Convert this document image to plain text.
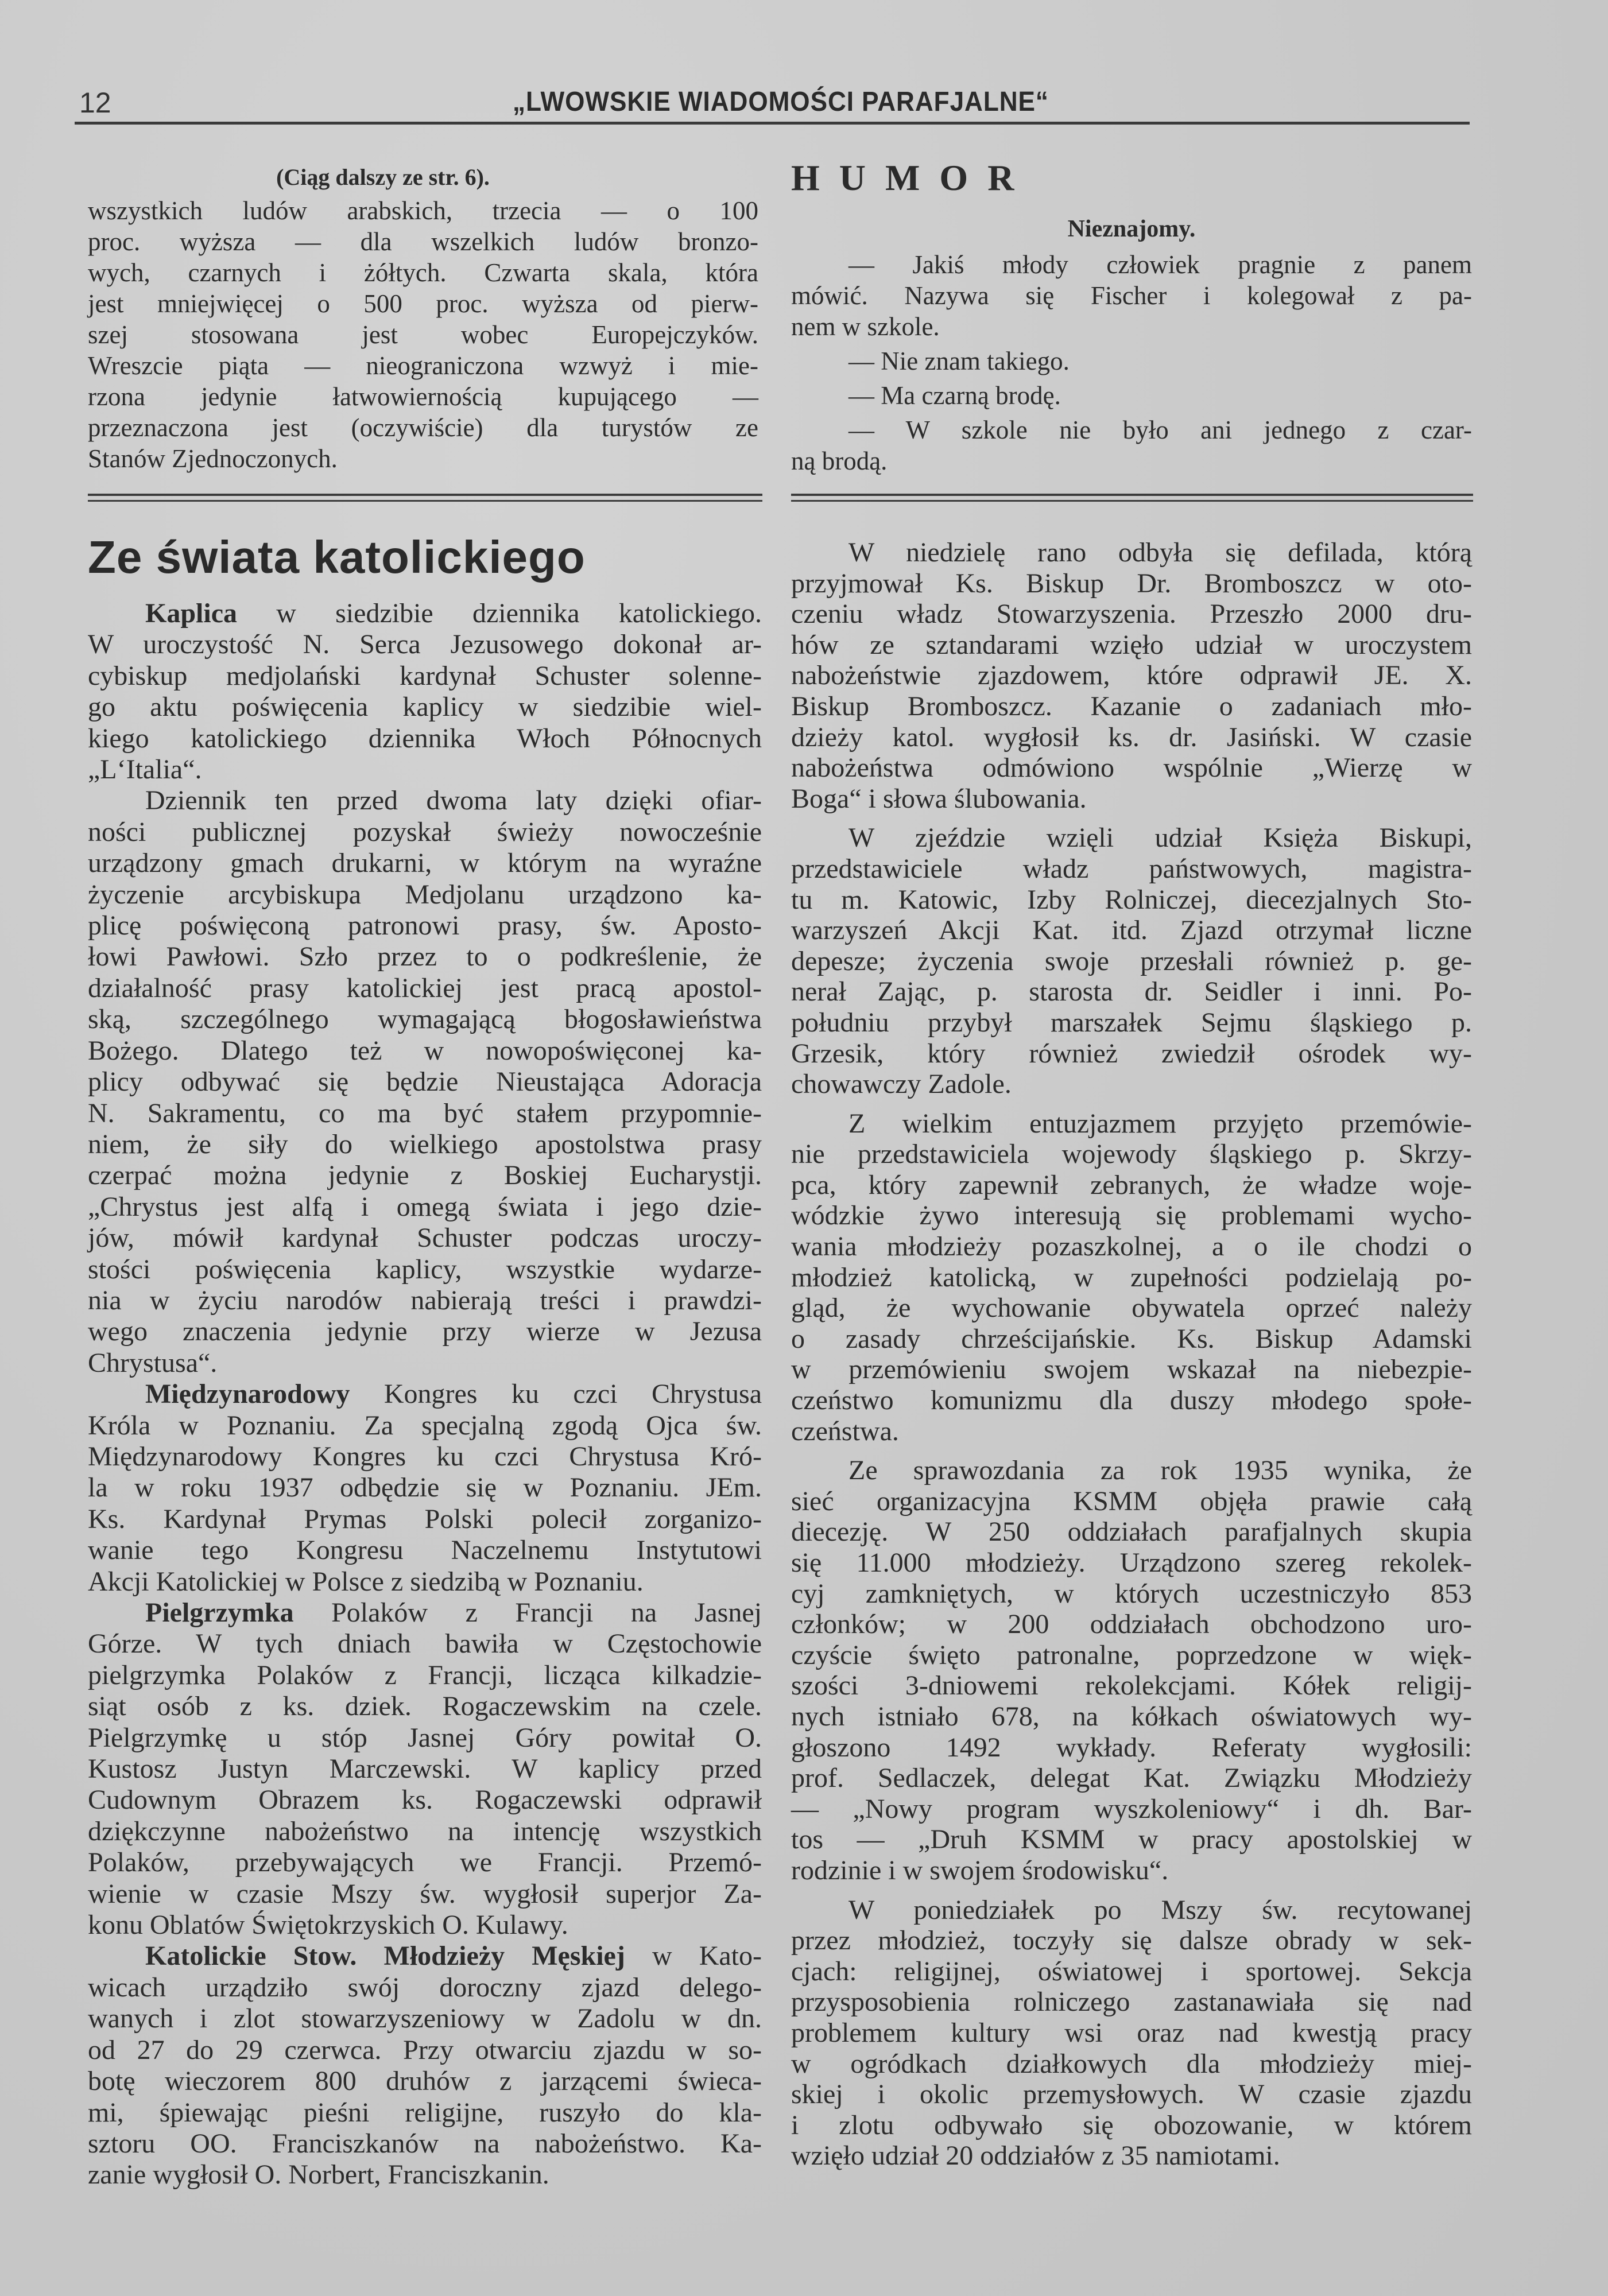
12	„LWOWSKIE WIADOMOŚCI PARAFJALNE“
(Ciąg dalszy ze str. 6).
wszystkich ludów arabskich, trzecia — o 100
proc. wyższa — dla wszelkich ludów bronzo-
wych, czarnych i żółtych. Czwarta skala, która
jest mniejwięcej o 500 proc. wyższa od pierw-
szej stosowana jest wobec Europejczyków.
Wreszcie piąta — nieograniczona wzwyż i mie-
rzona jedynie łatwowiernością kupującego —
przeznaczona jest (oczywiście) dla turystów ze
Stanów Zjednoczonych.
HUMOR
Nieznajomy.
— Jakiś młody człowiek pragnie z panem
mówić. Nazywa się Fischer i kolegował z pa-
nem w szkole.
— Nie znam takiego.
— Ma czarną brodę.
— W szkole nie było ani jednego z czar-
ną brodą.
Ze świata katolickiego
Kaplica w siedzibie dziennika katolickiego.
W uroczystość N. Serca Jezusowego dokonał ar-
cybiskup medjolański kardynał Schuster solenne-
go aktu poświęcenia kaplicy w siedzibie wiel-
kiego katolickiego dziennika Włoch Północnych
„L‘Italia“.
Dziennik ten przed dwoma laty dzięki ofiar-
ności publicznej pozyskał świeży nowocześnie
urządzony gmach drukarni, w którym na wyraźne
życzenie arcybiskupa Medjolanu urządzono ka-
plicę poświęconą patronowi prasy, św. Aposto-
łowi Pawłowi. Szło przez to o podkreślenie, że
działalność prasy katolickiej jest pracą apostol-
ską, szczególnego wymagającą błogosławieństwa
Bożego. Dlatego też w nowopoświęconej ka-
plicy odbywać się będzie Nieustająca Adoracja
N. Sakramentu, co ma być stałem przypomnie-
niem, że siły do wielkiego apostolstwa prasy
czerpać można jedynie z Boskiej Eucharystji.
„Chrystus jest alfą i omegą świata i jego dzie-
jów, mówił kardynał Schuster podczas uroczy-
stości poświęcenia kaplicy, wszystkie wydarze-
nia w życiu narodów nabierają treści i prawdzi-
wego znaczenia jedynie przy wierze w Jezusa
Chrystusa“.
Międzynarodowy Kongres ku czci Chrystusa
Króla w Poznaniu. Za specjalną zgodą Ojca św.
Międzynarodowy Kongres ku czci Chrystusa Kró-
la w roku 1937 odbędzie się w Poznaniu. JEm.
Ks. Kardynał Prymas Polski polecił zorganizo-
wanie tego Kongresu Naczelnemu Instytutowi
Akcji Katolickiej w Polsce z siedzibą w Poznaniu.
Pielgrzymka Polaków z Francji na Jasnej
Górze. W tych dniach bawiła w Częstochowie
pielgrzymka Polaków z Francji, licząca kilkadzie-
siąt osób z ks. dziek. Rogaczewskim na czele.
Pielgrzymkę u stóp Jasnej Góry powitał O.
Kustosz Justyn Marczewski. W kaplicy przed
Cudownym Obrazem ks. Rogaczewski odprawił
dziękczynne nabożeństwo na intencję wszystkich
Polaków, przebywających we Francji. Przemó-
wienie w czasie Mszy św. wygłosił superjor Za-
konu Oblatów Świętokrzyskich O. Kulawy.
Katolickie Stow. Młodzieży Męskiej w Kato-
wicach urządziło swój doroczny zjazd delego-
wanych i zlot stowarzyszeniowy w Zadolu w dn.
od 27 do 29 czerwca. Przy otwarciu zjazdu w so-
botę wieczorem 800 druhów z jarzącemi świeca-
mi, śpiewając pieśni religijne, ruszyło do kla-
sztoru OO. Franciszkanów na nabożeństwo. Ka-
zanie wygłosił O. Norbert, Franciszkanin.
W niedzielę rano odbyła się defilada, którą
przyjmował Ks. Biskup Dr. Bromboszcz w oto-
czeniu władz Stowarzyszenia. Przeszło 2000 dru-
hów ze sztandarami wzięło udział w uroczystem
nabożeństwie zjazdowem, które odprawił JE. X.
Biskup Bromboszcz. Kazanie o zadaniach mło-
dzieży katol. wygłosił ks. dr. Jasiński. W czasie
nabożeństwa odmówiono wspólnie „Wierzę w
Boga“ i słowa ślubowania.
W zjeździe wzięli udział Księża Biskupi,
przedstawiciele władz państwowych, magistra-
tu m. Katowic, Izby Rolniczej, diecezjalnych Sto-
warzyszeń Akcji Kat. itd. Zjazd otrzymał liczne
depesze; życzenia swoje przesłali również p. ge-
nerał Zając, p. starosta dr. Seidler i inni. Po-
południu przybył marszałek Sejmu śląskiego p.
Grzesik, który również zwiedził ośrodek wy-
chowawczy Zadole.
Z wielkim entuzjazmem przyjęto przemówie-
nie przedstawiciela wojewody śląskiego p. Skrzy-
pca, który zapewnił zebranych, że władze woje-
wódzkie żywo interesują się problemami wycho-
wania młodzieży pozaszkolnej, a o ile chodzi o
młodzież katolicką, w zupełności podzielają po-
gląd, że wychowanie obywatela oprzeć należy
o zasady chrześcijańskie. Ks. Biskup Adamski
w przemówieniu swojem wskazał na niebezpie-
czeństwo komunizmu dla duszy młodego społe-
czeństwa.
Ze sprawozdania za rok 1935 wynika, że
sieć organizacyjna KSMM objęła prawie całą
diecezję. W 250 oddziałach parafjalnych skupia
się 11.000 młodzieży. Urządzono szereg rekolek-
cyj zamkniętych, w których uczestniczyło 853
członków; w 200 oddziałach obchodzono uro-
czyście święto patronalne, poprzedzone w więk-
szości 3-dniowemi rekolekcjami. Kółek religij-
nych istniało 678, na kółkach oświatowych wy-
głoszono 1492 wykłady. Referaty wygłosili:
prof. Sedlaczek, delegat Kat. Związku Młodzieży
— „Nowy program wyszkoleniowy“ i dh. Bar-
tos — „Druh KSMM w pracy apostolskiej w
rodzinie i w swojem środowisku“.
W poniedziałek po Mszy św. recytowanej
przez młodzież, toczyły się dalsze obrady w sek-
cjach: religijnej, oświatowej i sportowej. Sekcja
przysposobienia rolniczego zastanawiała się nad
problemem kultury wsi oraz nad kwestją pracy
w ogródkach działkowych dla młodzieży miej-
skiej i okolic przemysłowych. W czasie zjazdu
i zlotu odbywało się obozowanie, w którem
wzięło udział 20 oddziałów z 35 namiotami.
